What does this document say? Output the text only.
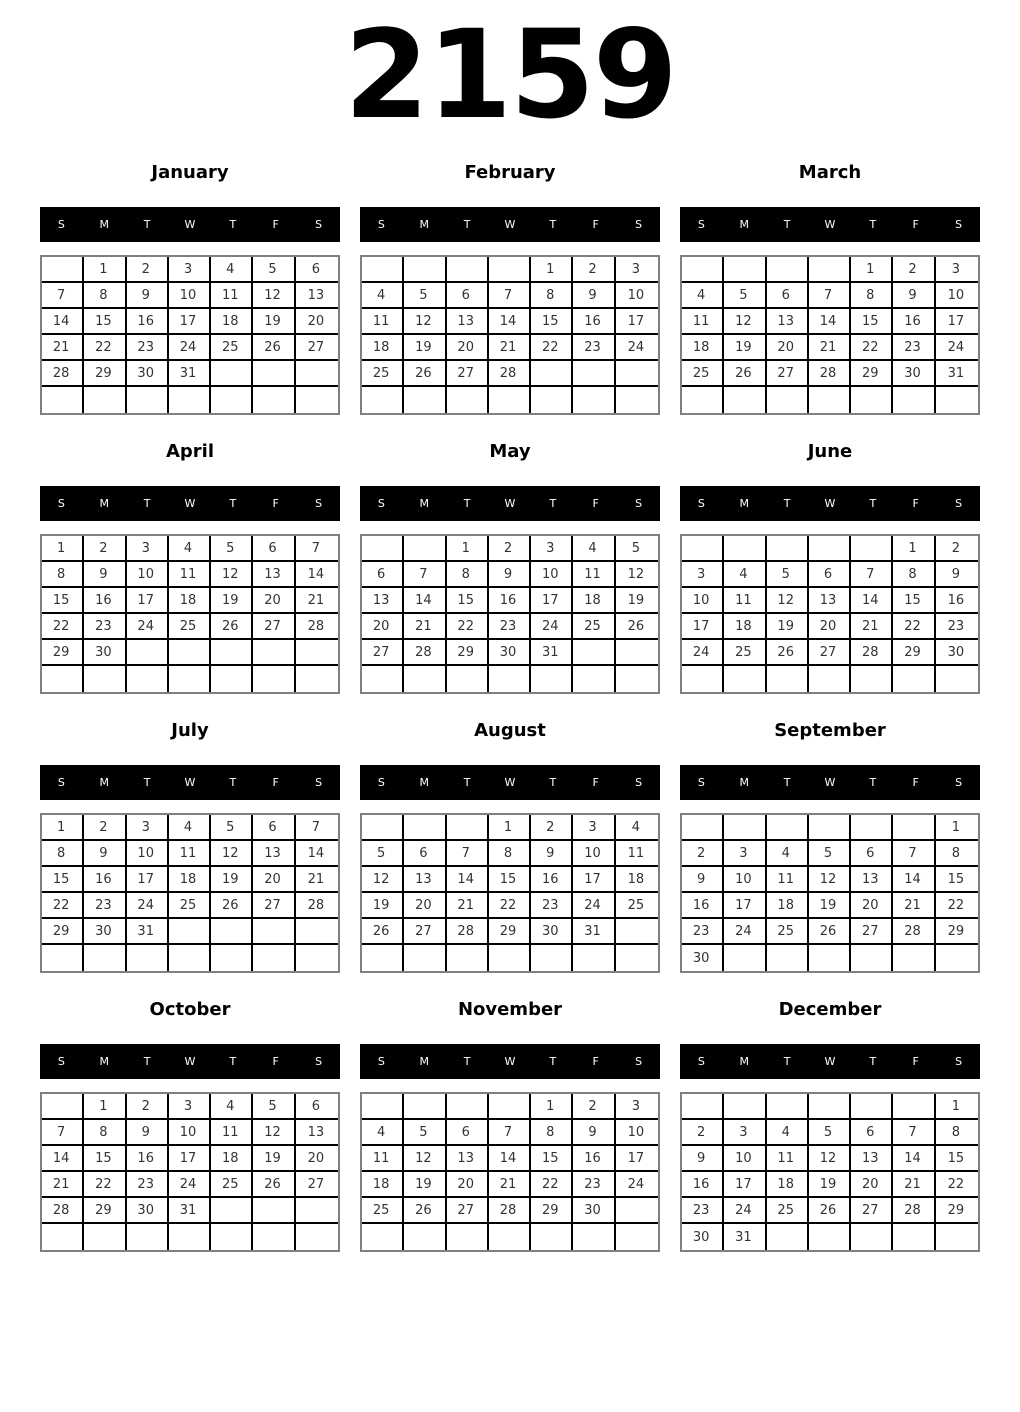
2159
January
S	M	T	W	T	F	S
	1	2	3	4	5	6
7	8	9	10	11	12	13
14	15	16	17	18	19	20
21	22	23	24	25	26	27
28	29	30	31			

February
S	M	T	W	T	F	S
				1	2	3
4	5	6	7	8	9	10
11	12	13	14	15	16	17
18	19	20	21	22	23	24
25	26	27	28			

March
S	M	T	W	T	F	S
				1	2	3
4	5	6	7	8	9	10
11	12	13	14	15	16	17
18	19	20	21	22	23	24
25	26	27	28	29	30	31

April
S	M	T	W	T	F	S
1	2	3	4	5	6	7
8	9	10	11	12	13	14
15	16	17	18	19	20	21
22	23	24	25	26	27	28
29	30					

May
S	M	T	W	T	F	S
		1	2	3	4	5
6	7	8	9	10	11	12
13	14	15	16	17	18	19
20	21	22	23	24	25	26
27	28	29	30	31		

June
S	M	T	W	T	F	S
					1	2
3	4	5	6	7	8	9
10	11	12	13	14	15	16
17	18	19	20	21	22	23
24	25	26	27	28	29	30

July
S	M	T	W	T	F	S
1	2	3	4	5	6	7
8	9	10	11	12	13	14
15	16	17	18	19	20	21
22	23	24	25	26	27	28
29	30	31				

August
S	M	T	W	T	F	S
			1	2	3	4
5	6	7	8	9	10	11
12	13	14	15	16	17	18
19	20	21	22	23	24	25
26	27	28	29	30	31	

September
S	M	T	W	T	F	S
						1
2	3	4	5	6	7	8
9	10	11	12	13	14	15
16	17	18	19	20	21	22
23	24	25	26	27	28	29
30						
October
S	M	T	W	T	F	S
	1	2	3	4	5	6
7	8	9	10	11	12	13
14	15	16	17	18	19	20
21	22	23	24	25	26	27
28	29	30	31			

November
S	M	T	W	T	F	S
				1	2	3
4	5	6	7	8	9	10
11	12	13	14	15	16	17
18	19	20	21	22	23	24
25	26	27	28	29	30	

December
S	M	T	W	T	F	S
						1
2	3	4	5	6	7	8
9	10	11	12	13	14	15
16	17	18	19	20	21	22
23	24	25	26	27	28	29
30	31					
